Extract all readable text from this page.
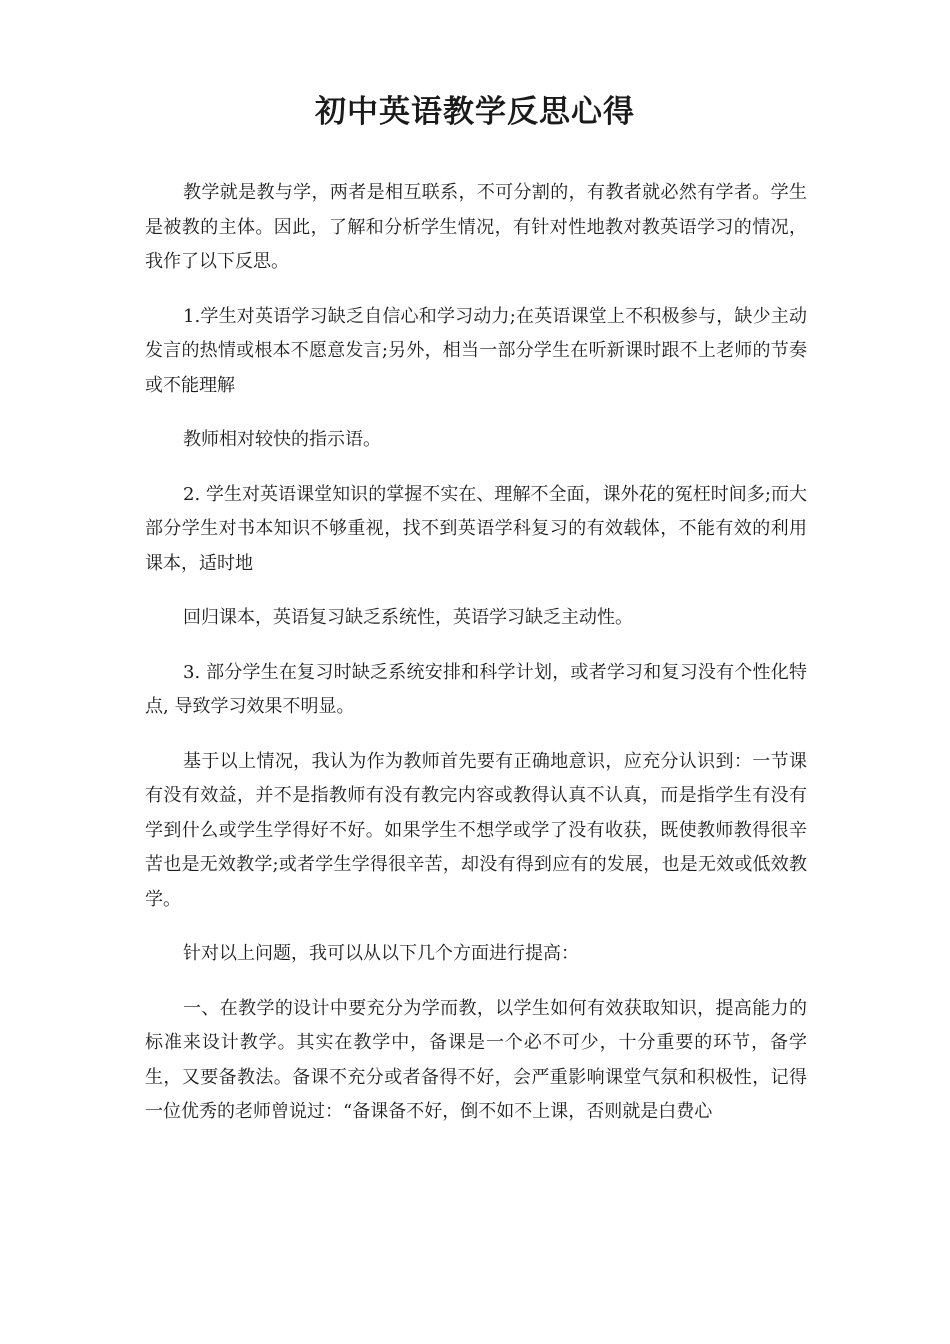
初中英语教学反思心得

教学就是教与学，两者是相互联系，不可分割的，有教者就必然有学者。学生是被教的主体。因此，了解和分析学生情况，有针对性地教对教英语学习的情况，我作了以下反思。

1.学生对英语学习缺乏自信心和学习动力;在英语课堂上不积极参与，缺少主动发言的热情或根本不愿意发言;另外，相当一部分学生在听新课时跟不上老师的节奏或不能理解

教师相对较快的指示语。

2. 学生对英语课堂知识的掌握不实在、理解不全面，课外花的冤枉时间多;而大部分学生对书本知识不够重视，找不到英语学科复习的有效载体，不能有效的利用课本，适时地

回归课本，英语复习缺乏系统性，英语学习缺乏主动性。

3. 部分学生在复习时缺乏系统安排和科学计划，或者学习和复习没有个性化特点, 导致学习效果不明显。

基于以上情况，我认为作为教师首先要有正确地意识，应充分认识到：一节课有没有效益，并不是指教师有没有教完内容或教得认真不认真，而是指学生有没有学到什么或学生学得好不好。如果学生不想学或学了没有收获，既使教师教得很辛苦也是无效教学;或者学生学得很辛苦，却没有得到应有的发展，也是无效或低效教学。

针对以上问题，我可以从以下几个方面进行提高：

一、在教学的设计中要充分为学而教，以学生如何有效获取知识，提高能力的标准来设计教学。其实在教学中，备课是一个必不可少，十分重要的环节，备学生，又要备教法。备课不充分或者备得不好，会严重影响课堂气氛和积极性，记得一位优秀的老师曾说过：“备课备不好，倒不如不上课，否则就是白费心
